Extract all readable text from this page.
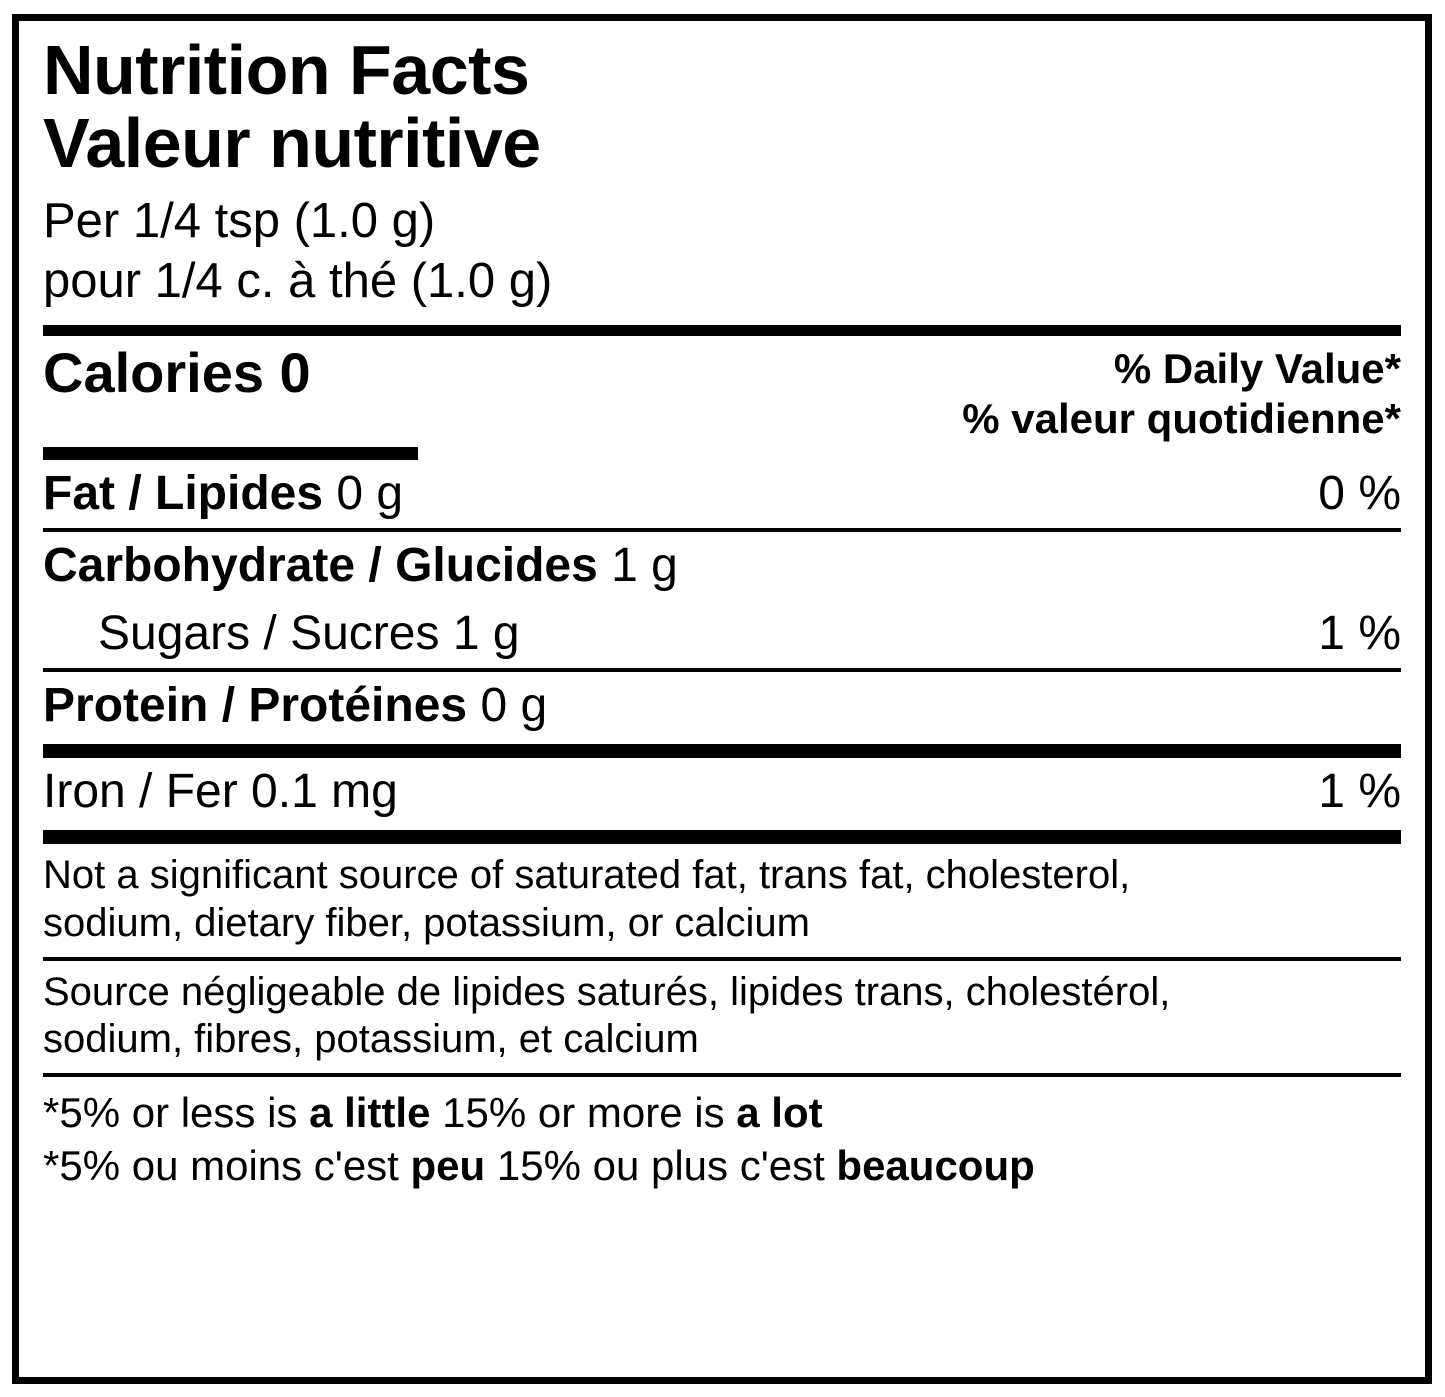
Nutrition Facts
Valeur nutritive
Per 1/4 tsp (1.0 g)
pour 1/4 c. à thé (1.0 g)
Calories 0	% Daily Value*
% valeur quotidienne*
Fat / Lipides 0 g	0 %
Carbohydrate / Glucides 1 g
Sugars / Sucres 1 g	1 %
Protein / Protéines 0 g
Iron / Fer 0.1 mg	1 %
Not a significant source of saturated fat, trans fat, cholesterol,
sodium, dietary fiber, potassium, or calcium
Source négligeable de lipides saturés, lipides trans, cholestérol,
sodium, fibres, potassium, et calcium
*5% or less is a little 15% or more is a lot
*5% ou moins c'est peu 15% ou plus c'est beaucoup
